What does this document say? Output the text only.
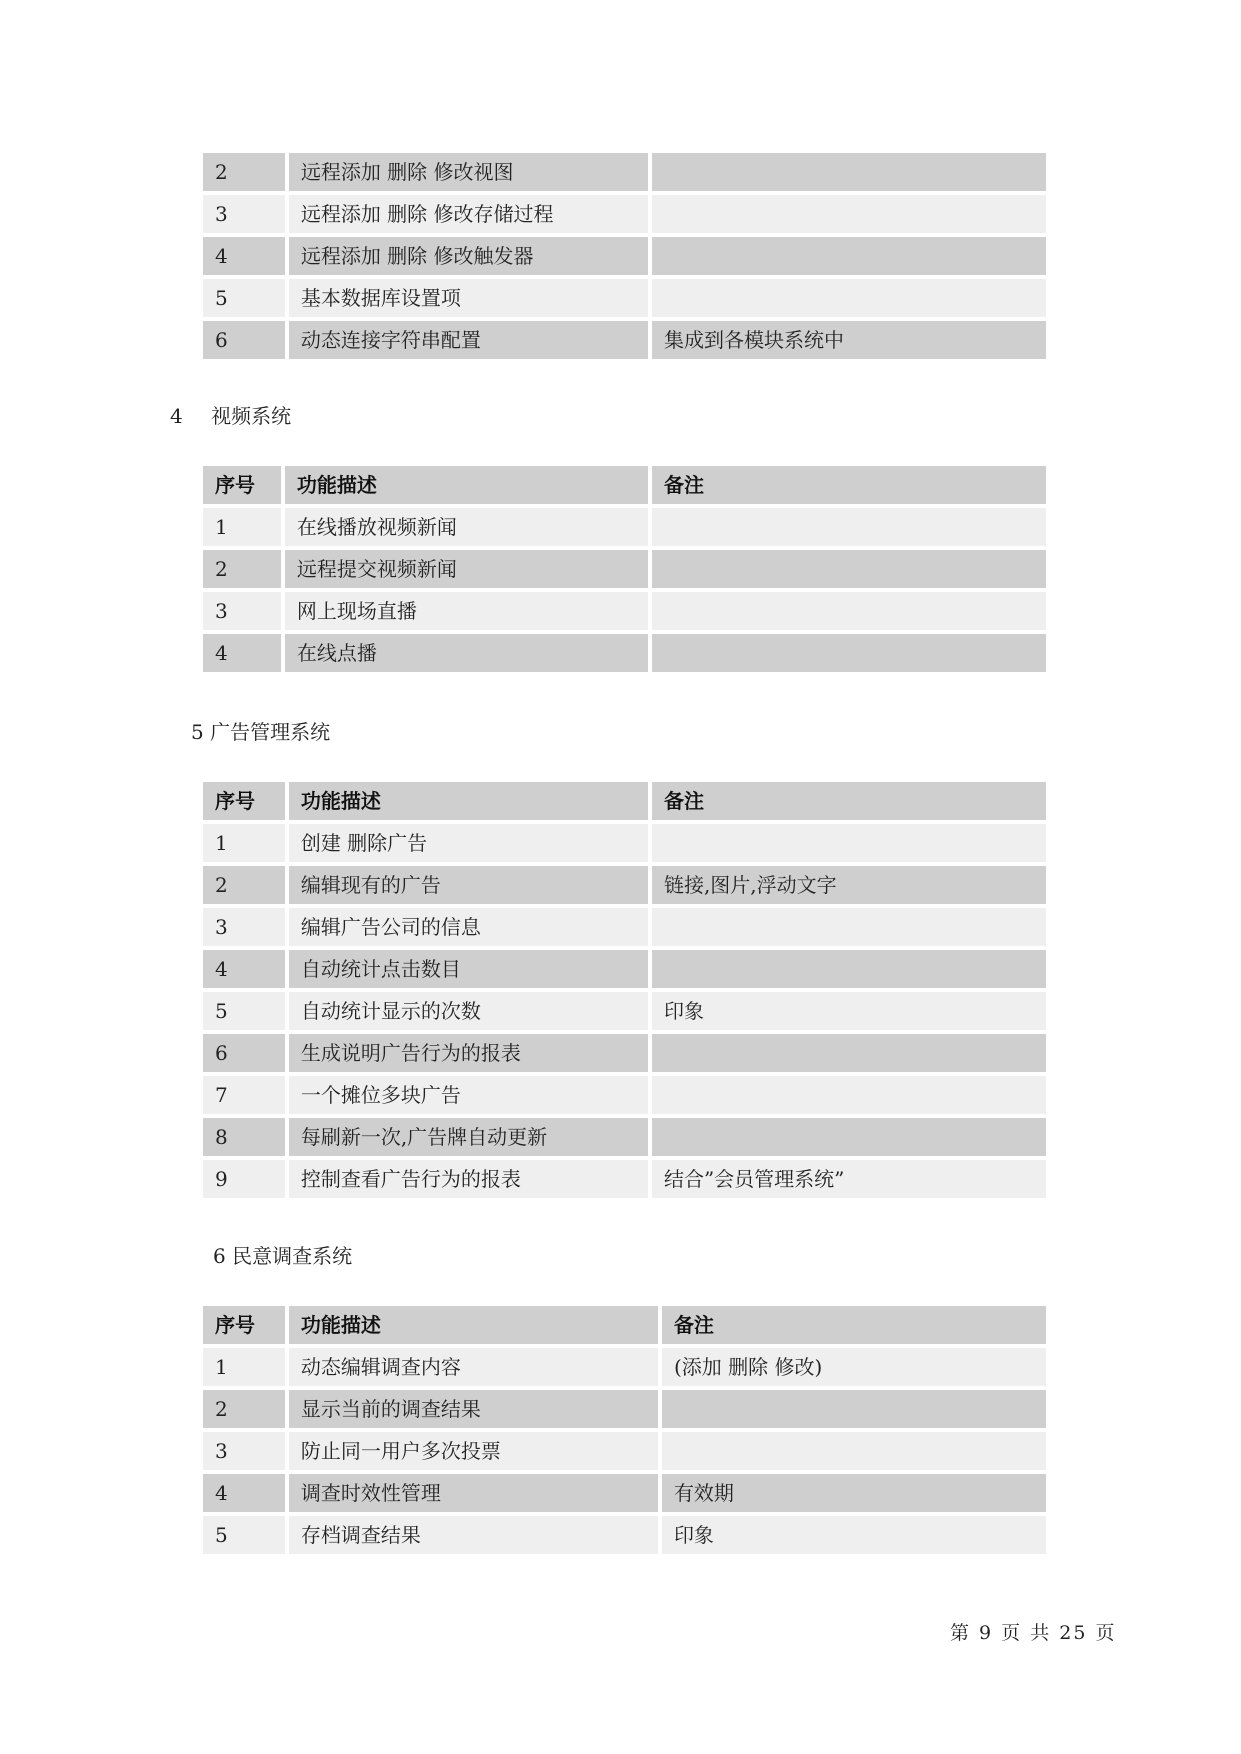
2	远程添加 删除 修改视图
3	远程添加 删除 修改存储过程
4	远程添加 删除 修改触发器
5	基本数据库设置项
6	动态连接字符串配置	集成到各模块系统中
4 视频系统
序号	功能描述	备注
1	在线播放视频新闻
2	远程提交视频新闻
3	网上现场直播
4	在线点播
5 广告管理系统
序号	功能描述	备注
1	创建 删除广告
2	编辑现有的广告	链接,图片,浮动文字
3	编辑广告公司的信息
4	自动统计点击数目
5	自动统计显示的次数	印象
6	生成说明广告行为的报表
7	一个摊位多块广告
8	每刷新一次,广告牌自动更新
9	控制查看广告行为的报表	结合”会员管理系统”
6 民意调查系统
序号	功能描述	备注
1	动态编辑调查内容	(添加 删除 修改)
2	显示当前的调查结果
3	防止同一用户多次投票
4	调查时效性管理	有效期
5	存档调查结果	印象
第 9 页 共 25 页
